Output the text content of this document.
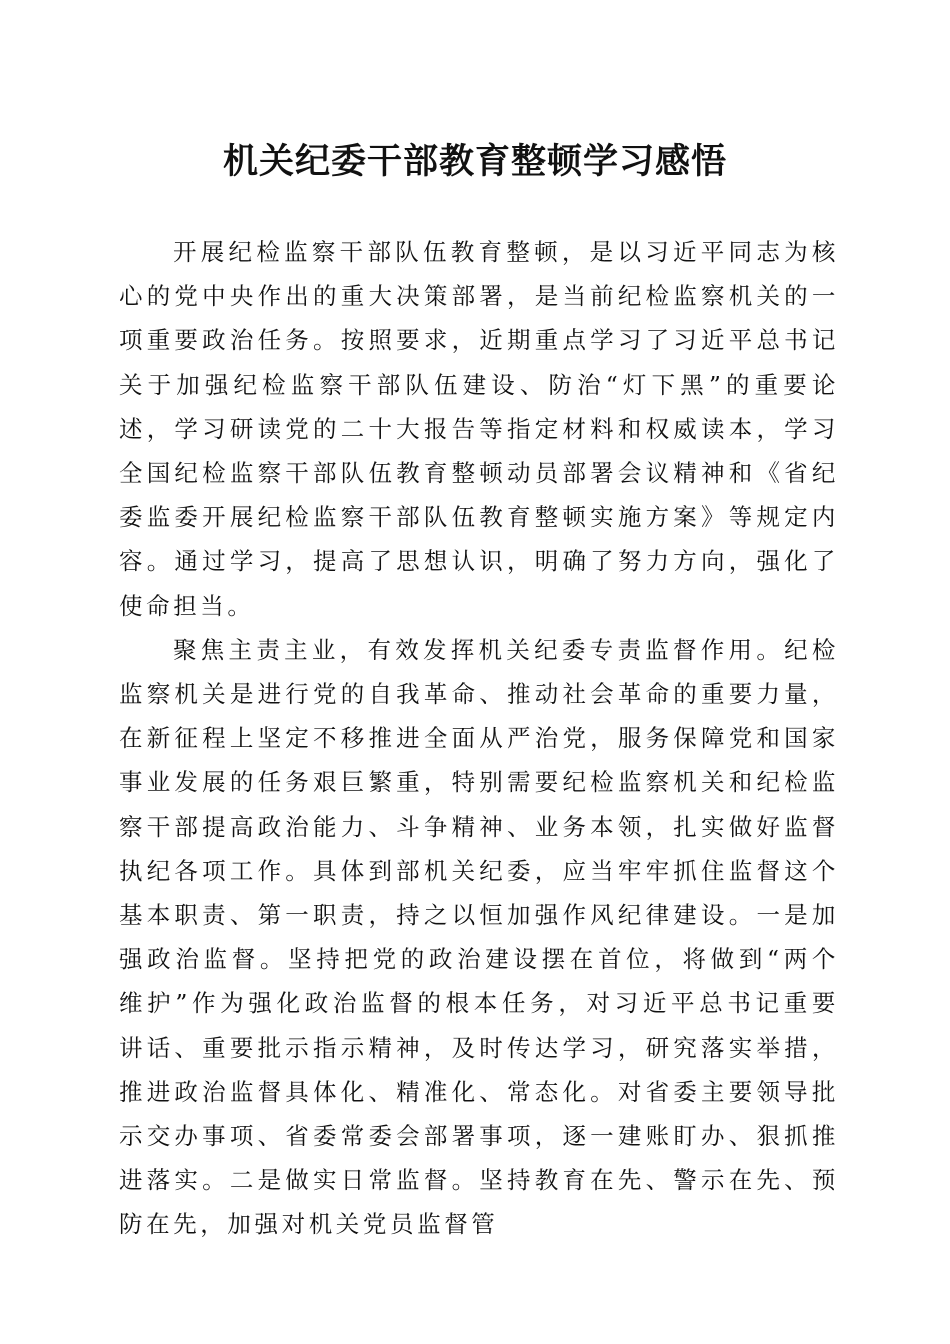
机关纪委干部教育整顿学习感悟

开展纪检监察干部队伍教育整顿，是以习近平同志为核心的党中央作出的重大决策部署，是当前纪检监察机关的一项重要政治任务。按照要求，近期重点学习了习近平总书记关于加强纪检监察干部队伍建设、防治“灯下黑”的重要论述，学习研读党的二十大报告等指定材料和权威读本，学习全国纪检监察干部队伍教育整顿动员部署会议精神和《省纪委监委开展纪检监察干部队伍教育整顿实施方案》等规定内容。通过学习，提高了思想认识，明确了努力方向，强化了使命担当。

聚焦主责主业，有效发挥机关纪委专责监督作用。纪检监察机关是进行党的自我革命、推动社会革命的重要力量，在新征程上坚定不移推进全面从严治党，服务保障党和国家事业发展的任务艰巨繁重，特别需要纪检监察机关和纪检监察干部提高政治能力、斗争精神、业务本领，扎实做好监督执纪各项工作。具体到部机关纪委，应当牢牢抓住监督这个基本职责、第一职责，持之以恒加强作风纪律建设。一是加强政治监督。坚持把党的政治建设摆在首位，将做到“两个维护”作为强化政治监督的根本任务，对习近平总书记重要讲话、重要批示指示精神，及时传达学习，研究落实举措，推进政治监督具体化、精准化、常态化。对省委主要领导批示交办事项、省委常委会部署事项，逐一建账盯办、狠抓推进落实。二是做实日常监督。坚持教育在先、警示在先、预防在先，加强对机关党员监督管
